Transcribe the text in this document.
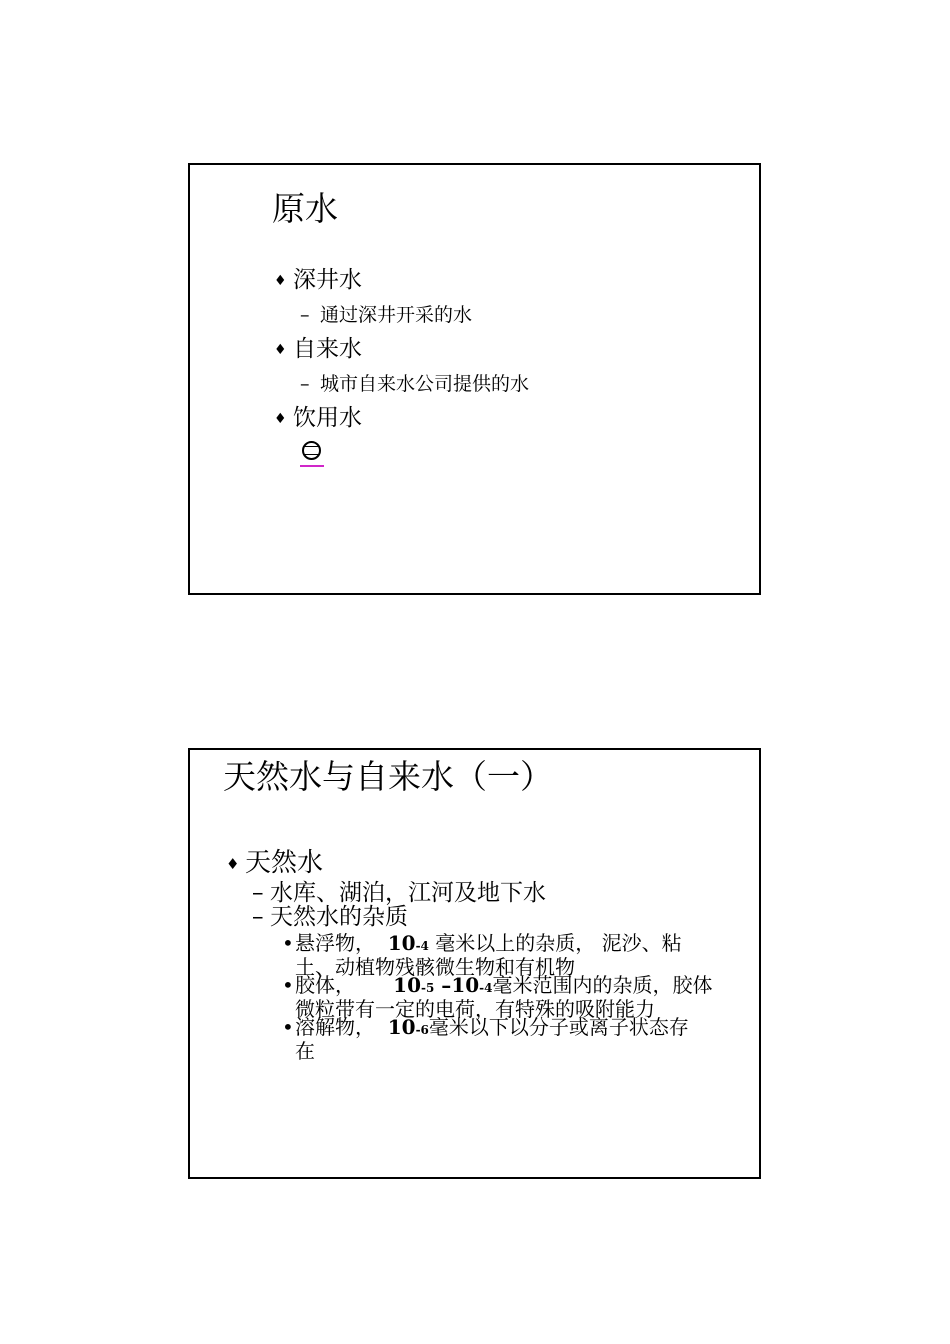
原水
♦ 深井水
– 通过深井开采的水
♦ 自来水
– 城市自来水公司提供的水
♦ 饮用水
天然水与自来水（一）
♦ 天然水
– 水库、湖泊，江河及地下水
– 天然水的杂质
•悬浮物， 10-4 毫米以上的杂质， 泥沙、粘
土、动植物残骸微生物和有机物
•胶体， 10-5 –10-4毫米范围内的杂质，胶体
微粒带有一定的电荷，有特殊的吸附能力
•溶解物， 10-6毫米以下以分子或离子状态存
在
